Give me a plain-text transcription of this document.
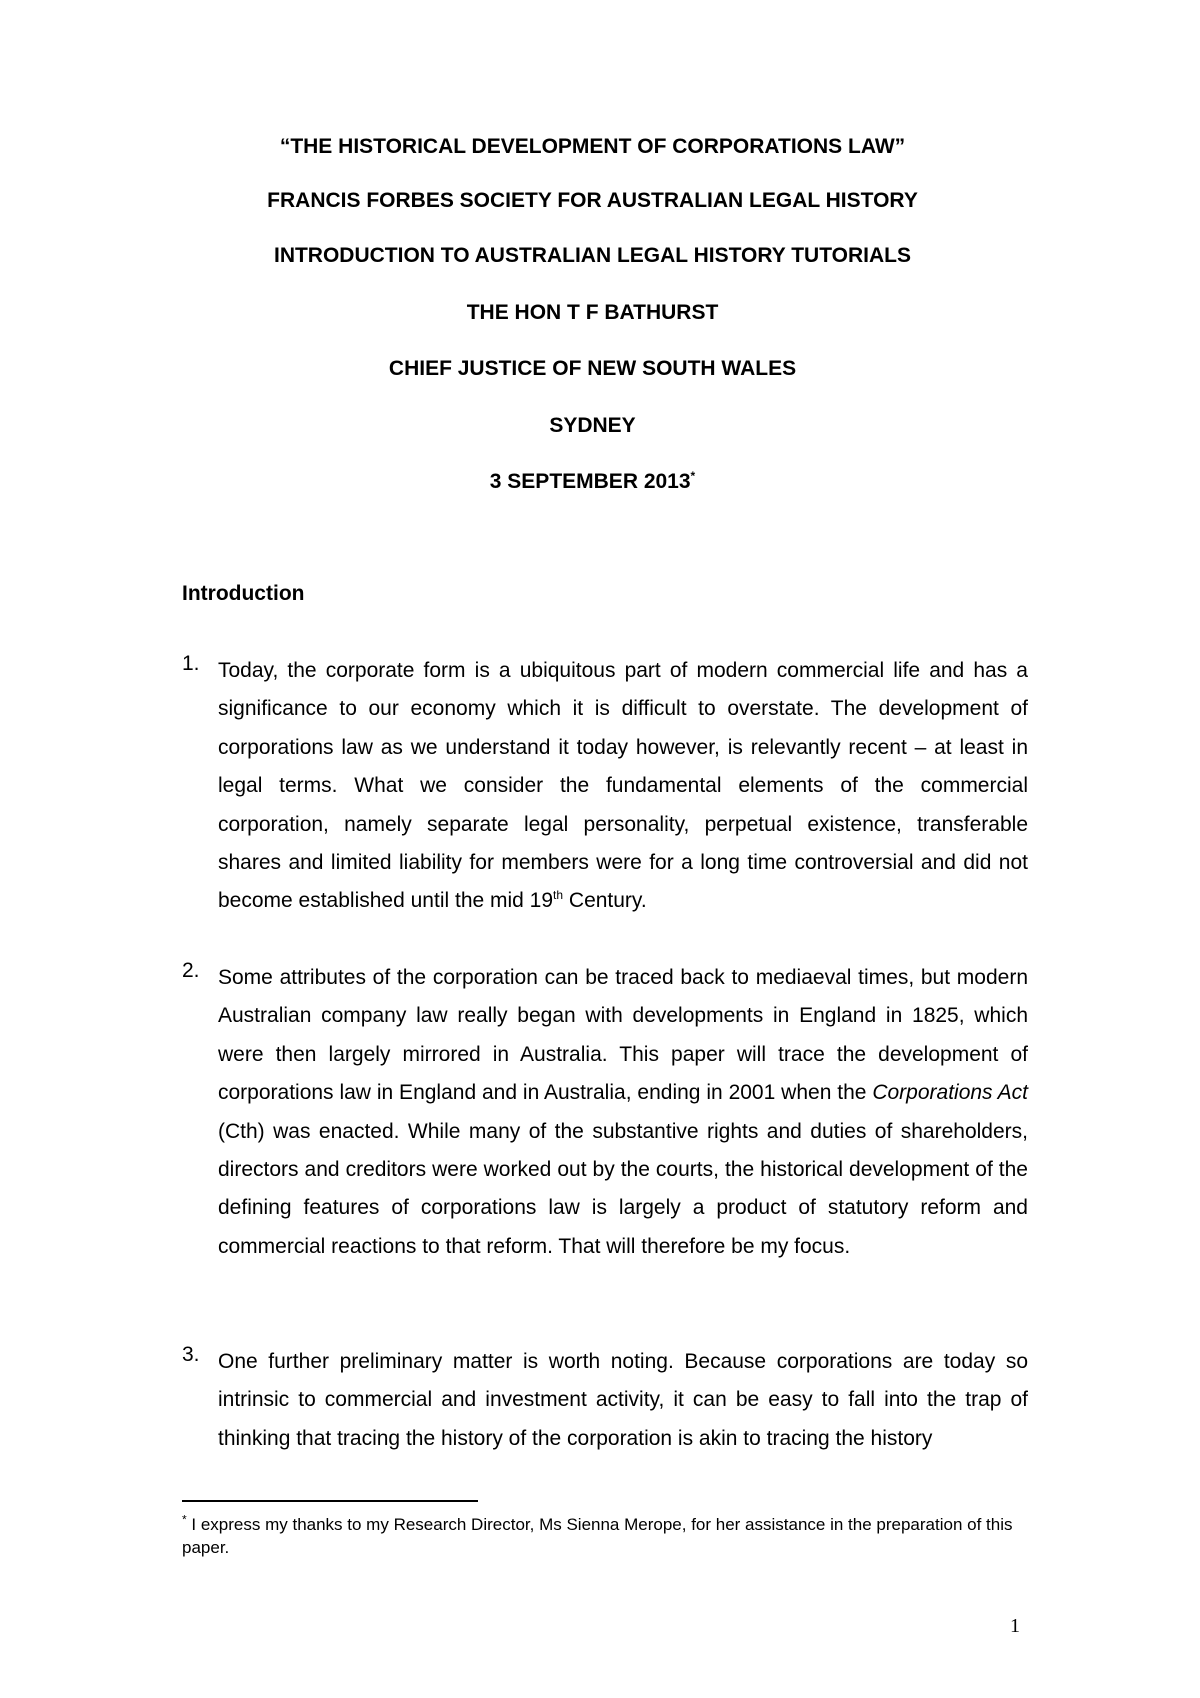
“THE HISTORICAL DEVELOPMENT OF CORPORATIONS LAW”
FRANCIS FORBES SOCIETY FOR AUSTRALIAN LEGAL HISTORY
INTRODUCTION TO AUSTRALIAN LEGAL HISTORY TUTORIALS
THE HON T F BATHURST
CHIEF JUSTICE OF NEW SOUTH WALES
SYDNEY
3 SEPTEMBER 2013*
Introduction
1. Today, the corporate form is a ubiquitous part of modern commercial life and has a significance to our economy which it is difficult to overstate. The development of corporations law as we understand it today however, is relevantly recent – at least in legal terms. What we consider the fundamental elements of the commercial corporation, namely separate legal personality, perpetual existence, transferable shares and limited liability for members were for a long time controversial and did not become established until the mid 19th Century.
2. Some attributes of the corporation can be traced back to mediaeval times, but modern Australian company law really began with developments in England in 1825, which were then largely mirrored in Australia. This paper will trace the development of corporations law in England and in Australia, ending in 2001 when the Corporations Act (Cth) was enacted. While many of the substantive rights and duties of shareholders, directors and creditors were worked out by the courts, the historical development of the defining features of corporations law is largely a product of statutory reform and commercial reactions to that reform. That will therefore be my focus.
3. One further preliminary matter is worth noting. Because corporations are today so intrinsic to commercial and investment activity, it can be easy to fall into the trap of thinking that tracing the history of the corporation is akin to tracing the history
* I express my thanks to my Research Director, Ms Sienna Merope, for her assistance in the preparation of this paper.
1
